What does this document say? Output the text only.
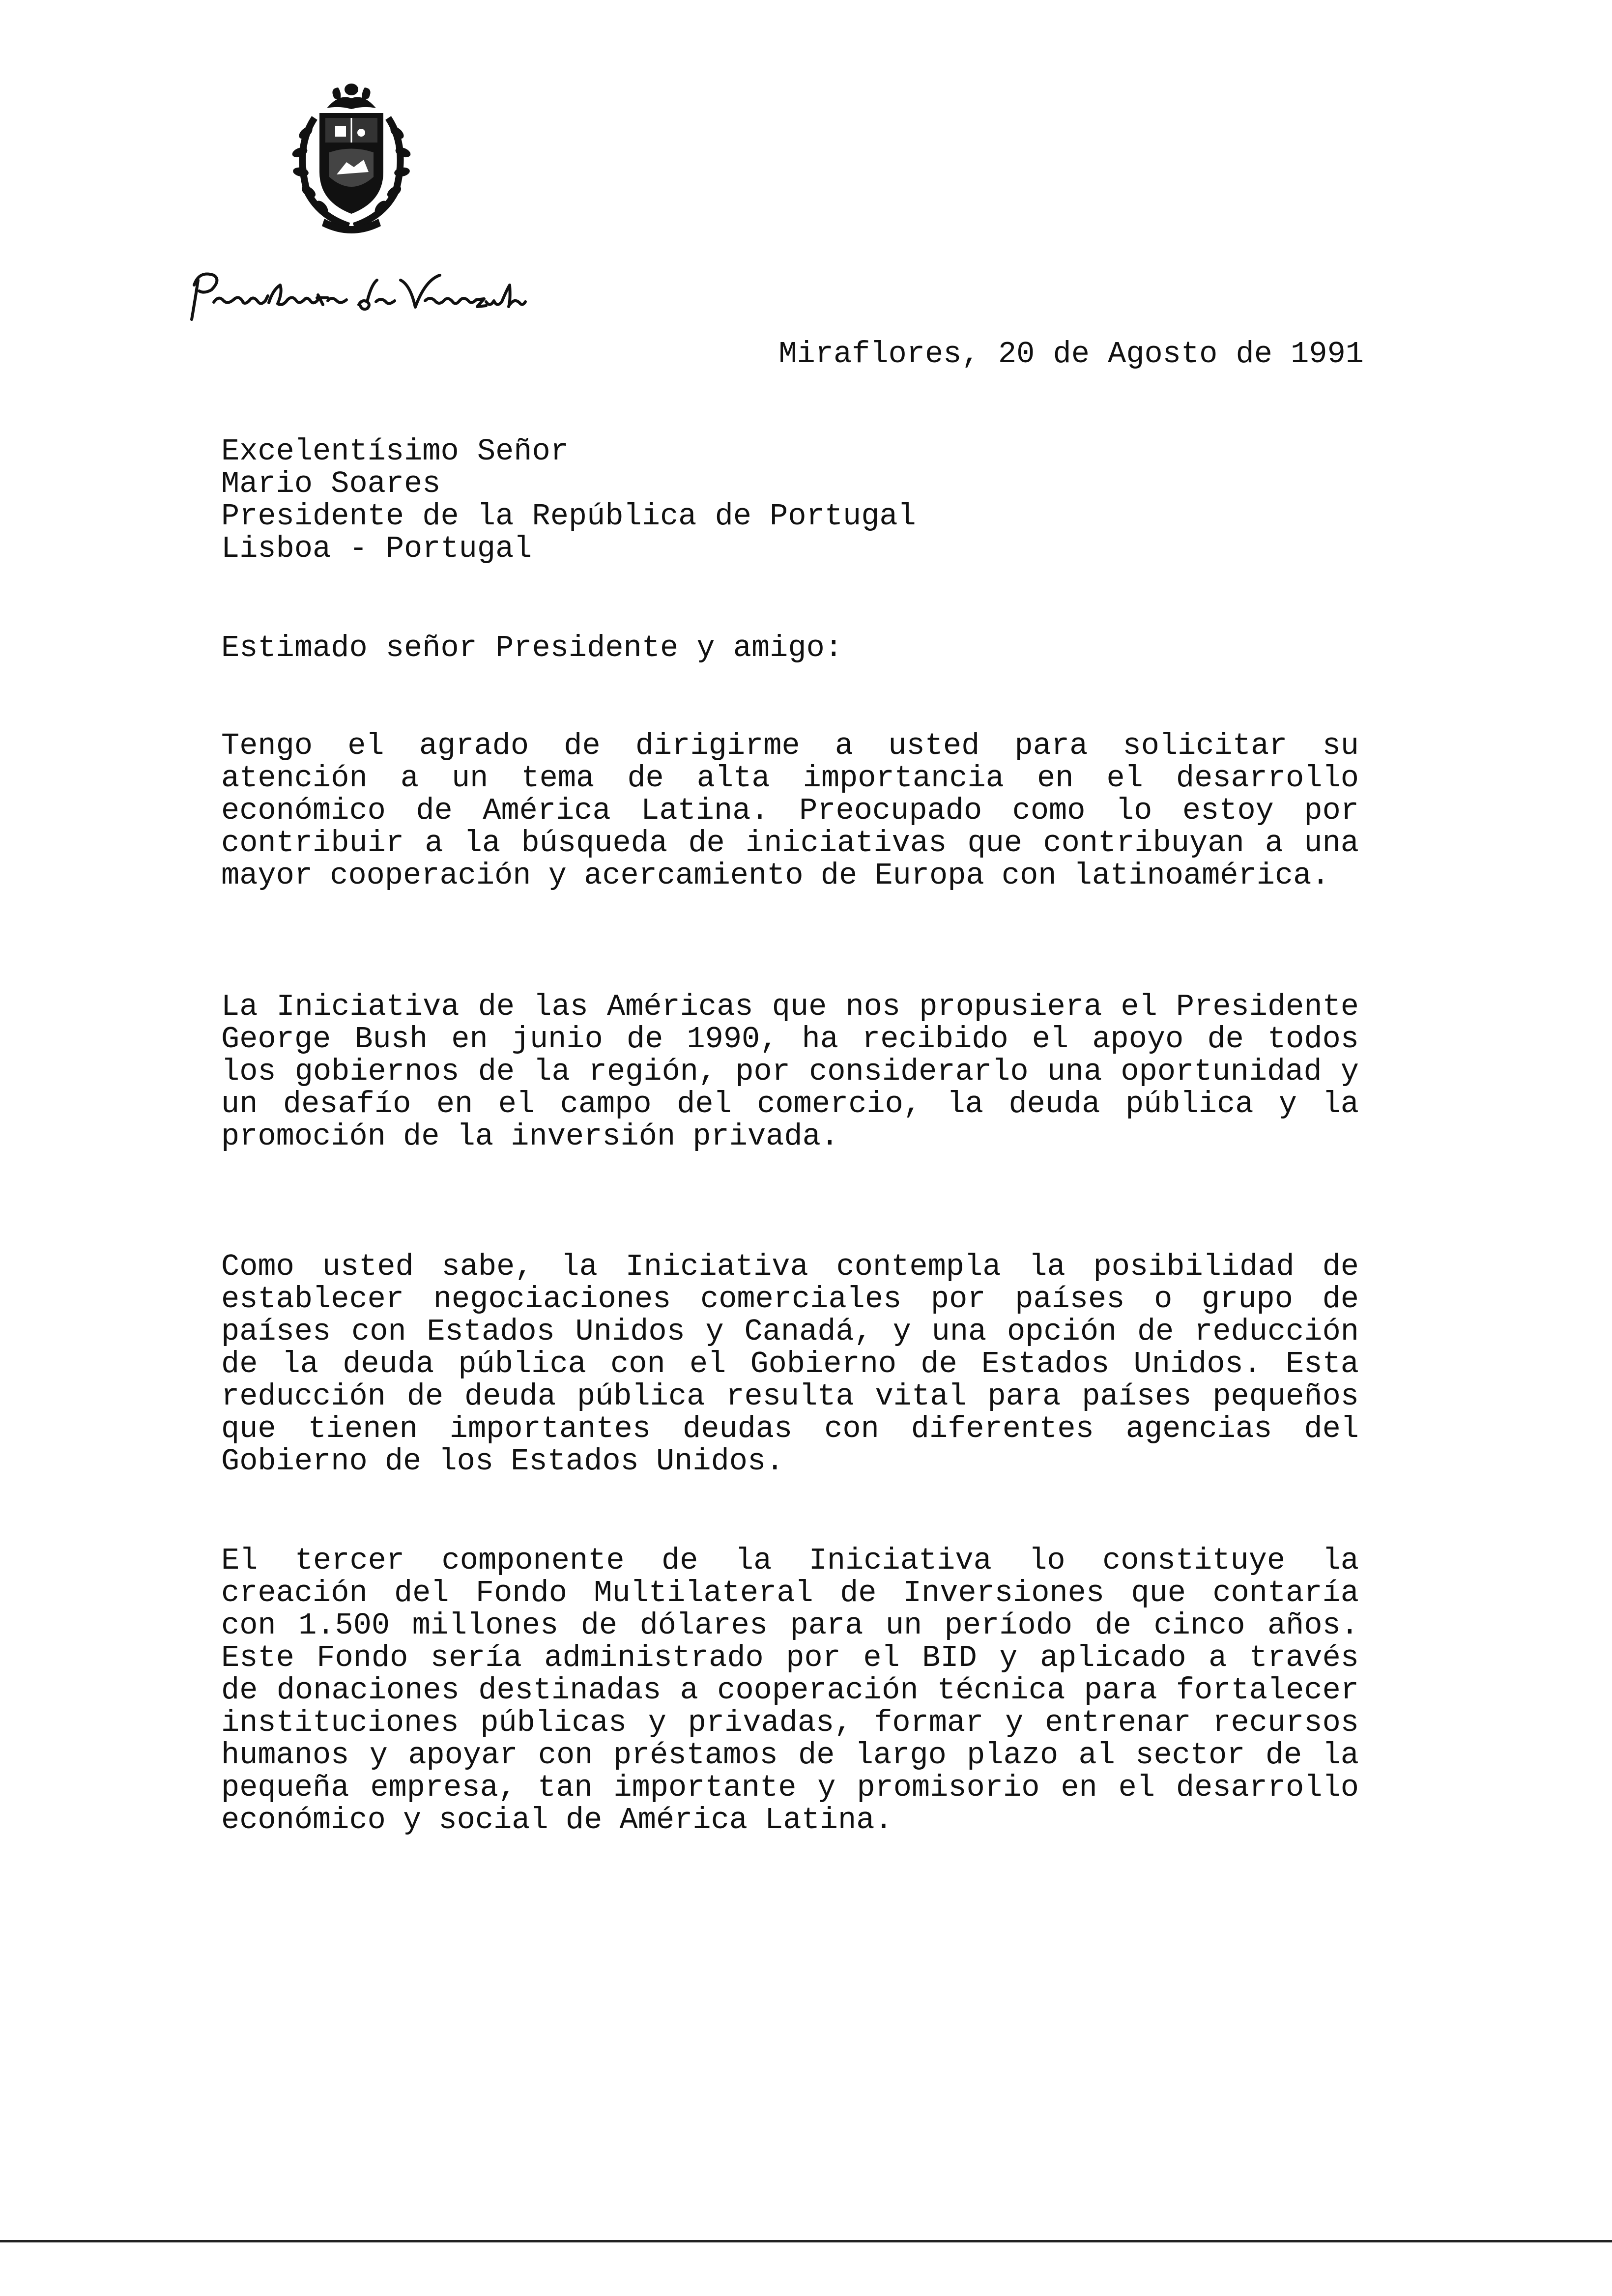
Miraflores, 20 de Agosto de 1991
Excelentísimo Señor
Mario Soares
Presidente de la República de Portugal
Lisboa - Portugal
Estimado señor Presidente y amigo:
Tengo el agrado de dirigirme a usted para solicitar su atención a un tema de alta importancia en el desarrollo económico de América Latina. Preocupado como lo estoy por contribuir a la búsqueda de iniciativas que contribuyan a una mayor cooperación y acercamiento de Europa con latinoamérica.
La Iniciativa de las Américas que nos propusiera el Presidente George Bush en junio de 1990, ha recibido el apoyo de todos los gobiernos de la región, por considerarlo una oportunidad y un desafío en el campo del comercio, la deuda pública y la promoción de la inversión privada.
Como usted sabe, la Iniciativa contempla la posibilidad de establecer negociaciones comerciales por países o grupo de países con Estados Unidos y Canadá, y una opción de reducción de la deuda pública con el Gobierno de Estados Unidos. Esta reducción de deuda pública resulta vital para países pequeños que tienen importantes deudas con diferentes agencias del Gobierno de los Estados Unidos.
El tercer componente de la Iniciativa lo constituye la creación del Fondo Multilateral de Inversiones que contaría con 1.500 millones de dólares para un período de cinco años. Este Fondo sería administrado por el BID y aplicado a través de donaciones destinadas a cooperación técnica para fortalecer instituciones públicas y privadas, formar y entrenar recursos humanos y apoyar con préstamos de largo plazo al sector de la pequeña empresa, tan importante y promisorio en el desarrollo económico y social de América Latina.
